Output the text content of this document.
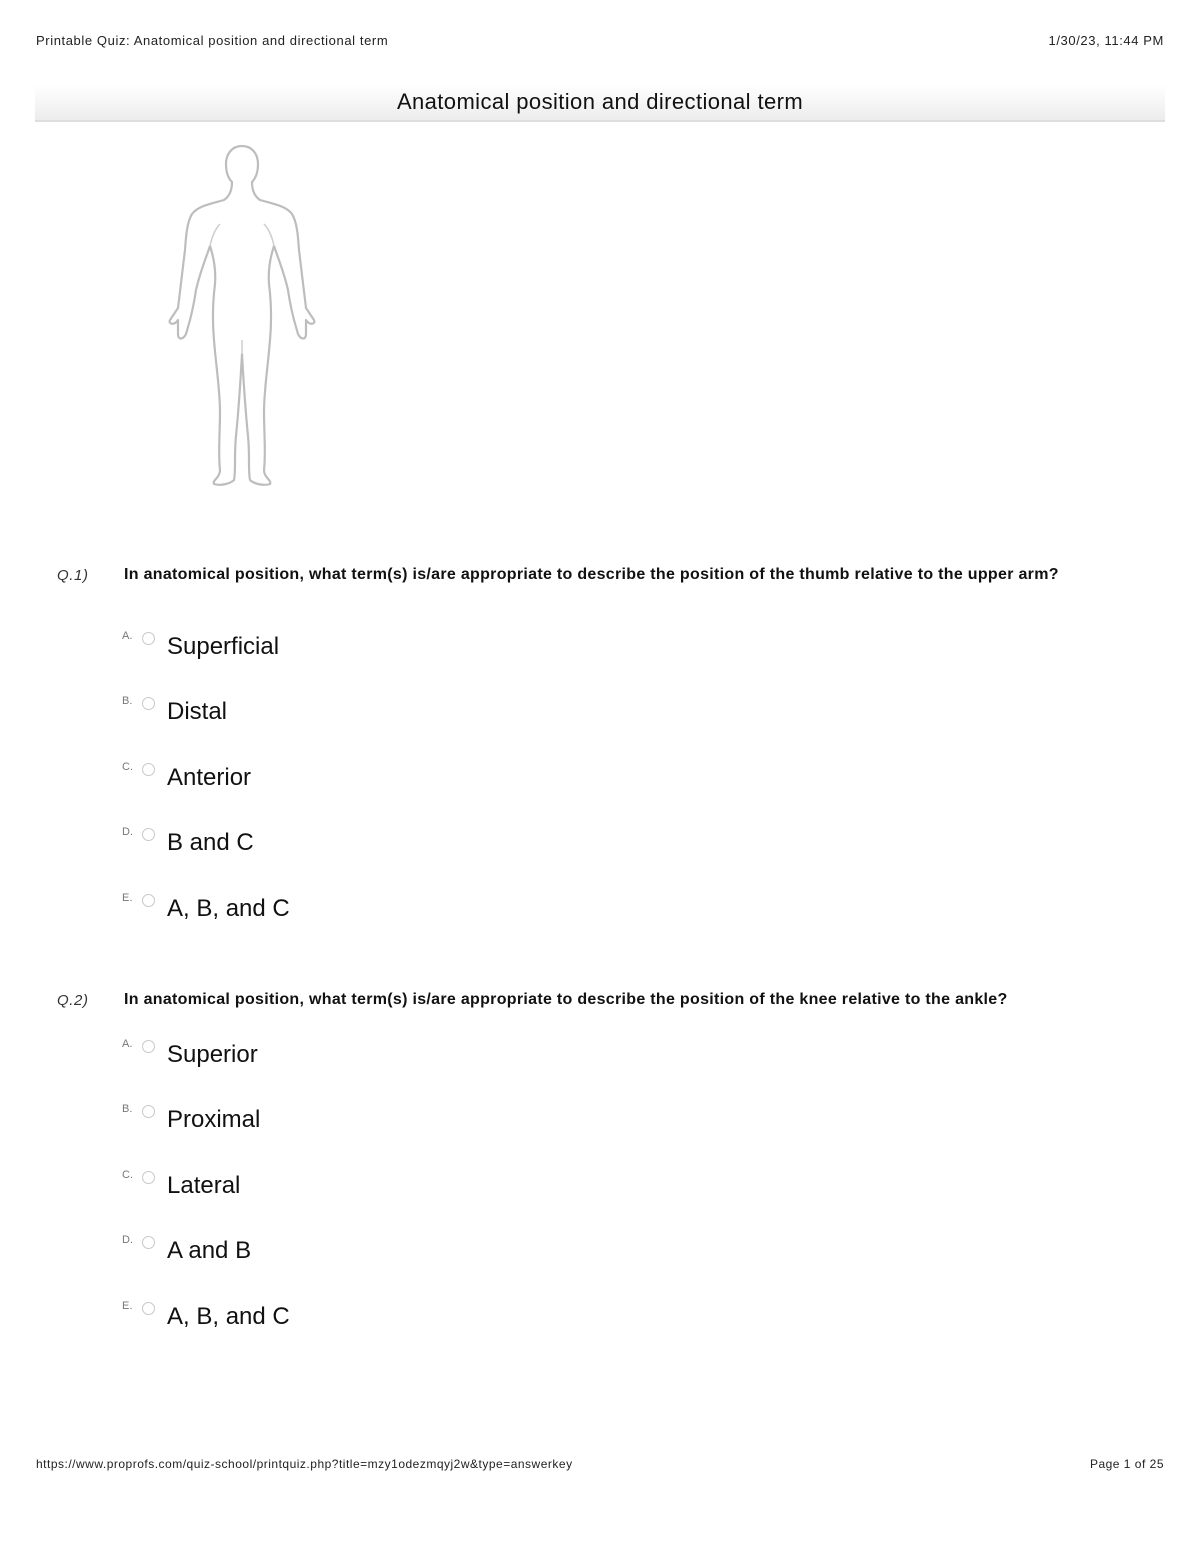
Printable Quiz: Anatomical position and directional term	1/30/23, 11:44 PM
Anatomical position and directional term
Q.1) In anatomical position, what term(s) is/are appropriate to describe the position of the thumb relative to the upper arm?
A. Superficial
B. Distal
C. Anterior
D. B and C
E. A, B, and C
Q.2) In anatomical position, what term(s) is/are appropriate to describe the position of the knee relative to the ankle?
A. Superior
B. Proximal
C. Lateral
D. A and B
E. A, B, and C
https://www.proprofs.com/quiz-school/printquiz.php?title=mzy1odezmqyj2w&type=answerkey	Page 1 of 25
